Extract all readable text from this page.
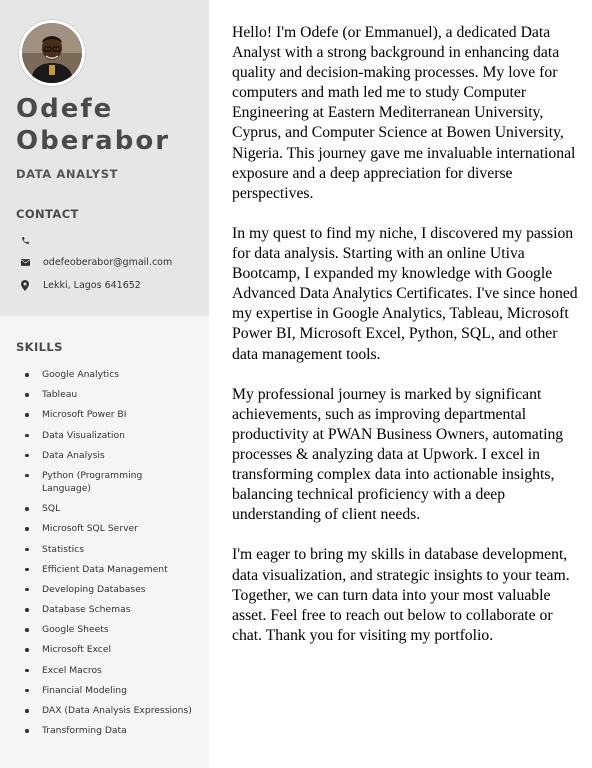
Odefe
Oberabor
DATA ANALYST
CONTACT
odefeoberabor@gmail.com
Lekki, Lagos 641652
SKILLS
Google Analytics
Tableau
Microsoft Power BI
Data Visualization
Data Analysis
Python (Programming Language)
SQL
Microsoft SQL Server
Statistics
Efficient Data Management
Developing Databases
Database Schemas
Google Sheets
Microsoft Excel
Excel Macros
Financial Modeling
DAX (Data Analysis Expressions)
Transforming Data

Hello! I'm Odefe (or Emmanuel), a dedicated Data Analyst with a strong background in enhancing data quality and decision-making processes. My love for computers and math led me to study Computer Engineering at Eastern Mediterranean University, Cyprus, and Computer Science at Bowen University, Nigeria. This journey gave me invaluable international exposure and a deep appreciation for diverse perspectives.

In my quest to find my niche, I discovered my passion for data analysis. Starting with an online Utiva Bootcamp, I expanded my knowledge with Google Advanced Data Analytics Certificates. I've since honed my expertise in Google Analytics, Tableau, Microsoft Power BI, Microsoft Excel, Python, SQL, and other data management tools.

My professional journey is marked by significant achievements, such as improving departmental productivity at PWAN Business Owners, automating processes & analyzing data at Upwork. I excel in transforming complex data into actionable insights, balancing technical proficiency with a deep understanding of client needs.

I'm eager to bring my skills in database development, data visualization, and strategic insights to your team. Together, we can turn data into your most valuable asset. Feel free to reach out below to collaborate or chat. Thank you for visiting my portfolio.
